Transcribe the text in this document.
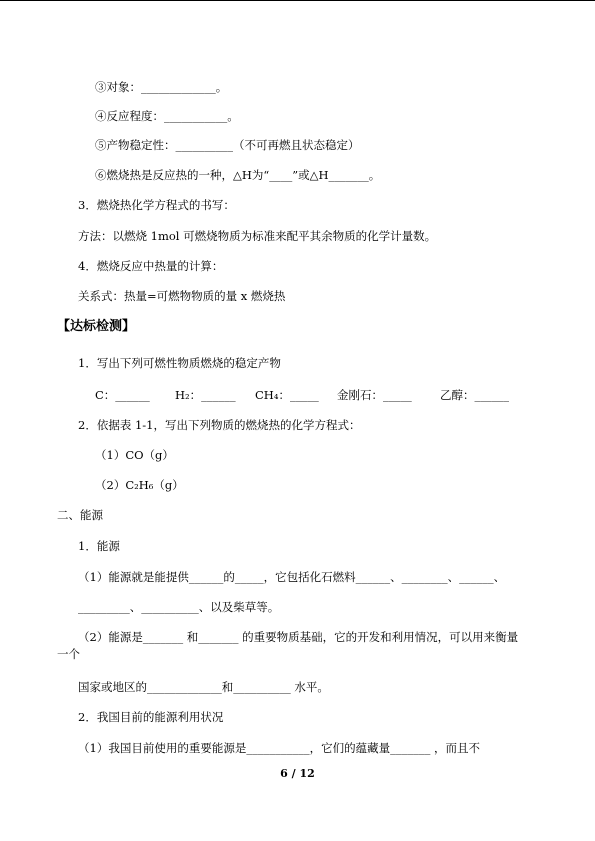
③对象：_____________。
④反应程度：___________。
⑤产物稳定性：__________（不可再燃且状态稳定）
⑥燃烧热是反应热的一种，△H为“____”或△H_______。
3．燃烧热化学方程式的书写：
方法：以燃烧 1mol 可燃烧物质为标准来配平其余物质的化学计量数。
4．燃烧反应中热量的计算：
关系式：热量=可燃物物质的量 x 燃烧热
【达标检测】
1．写出下列可燃性物质燃烧的稳定产物
C：______ H₂：______ CH₄：_____ 金刚石：_____ 乙醇：______
2．依据表 1-1，写出下列物质的燃烧热的化学方程式：
（1）CO（g）
（2）C₂H₆（g）
二、能源
1．能源
（1）能源就是能提供______的_____，它包括化石燃料______、________、______、
_________、__________、以及柴草等。
（2）能源是_______ 和_______ 的重要物质基础，它的开发和利用情况，可以用来衡量
一个
国家或地区的_____________和__________ 水平。
2．我国目前的能源利用状况
（1）我国目前使用的重要能源是___________，它们的蕴藏量_______ ，而且不
6 / 12
